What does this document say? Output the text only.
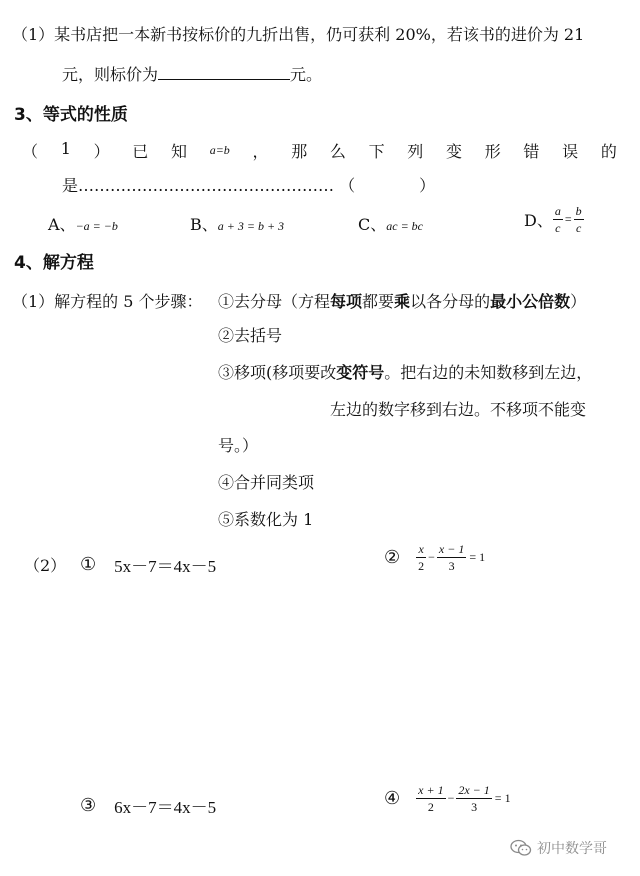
（1）某书店把一本新书按标价的九折出售，仍可获利 20%，若该书的进价为 21
元，则标价为	元。
3、等式的性质
（ 1 ） 已 知 a=b ， 那 么 下 列 变 形 错 误 的
是………………………………………… （	）
A、−a = −b	B、a + 3 = b + 3	C、ac = bc	D、 $\frac{a}{c} = \frac{b}{c}$
4、解方程
（1）解方程的 5 个步骤： ①去分母（方程每项都要乘以各分母的最小公倍数）
②去括号
③移项(移项要改变符号。把右边的未知数移到左边，
左边的数字移到右边。不移项不能变
号。）
④合并同类项
⑤系数化为 1
（2） ① 5x－7＝4x－5	② $\frac{x}{2} - \frac{x - 1}{3} = 1$
③ 6x－7＝4x－5	④ $\frac{x + 1}{2} - \frac{2x - 1}{3} = 1$
初中数学哥
